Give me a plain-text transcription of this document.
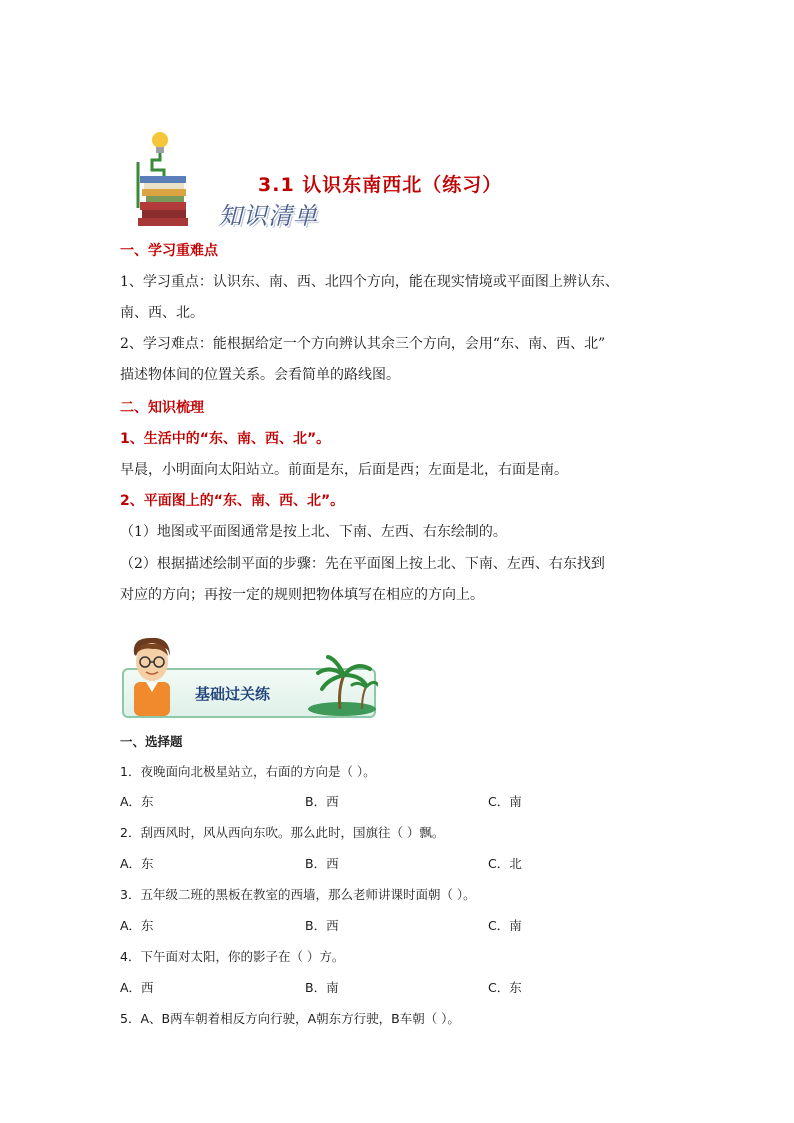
3.1 认识东南西北（练习）
知识清单
一、学习重难点
1、学习重点：认识东、南、西、北四个方向，能在现实情境或平面图上辨认东、
南、西、北。
2、学习难点：能根据给定一个方向辨认其余三个方向，会用“东、南、西、北”
描述物体间的位置关系。会看简单的路线图。
二、知识梳理
1、生活中的“东、南、西、北”。
早晨，小明面向太阳站立。前面是东，后面是西；左面是北，右面是南。
2、平面图上的“东、南、西、北”。
（1）地图或平面图通常是按上北、下南、左西、右东绘制的。
（2）根据描述绘制平面的步骤：先在平面图上按上北、下南、左西、右东找到
对应的方向；再按一定的规则把物体填写在相应的方向上。
基础过关练
一、选择题
1．夜晚面向北极星站立，右面的方向是（ ）。
A．东	B．西	C．南
2．刮西风时，风从西向东吹。那么此时，国旗往（ ）飘。
A．东	B．西	C．北
3．五年级二班的黑板在教室的西墙，那么老师讲课时面朝（ ）。
A．东	B．西	C．南
4．下午面对太阳，你的影子在（ ）方。
A．西	B．南	C．东
5．A、B两车朝着相反方向行驶，A朝东方行驶，B车朝（ ）。
